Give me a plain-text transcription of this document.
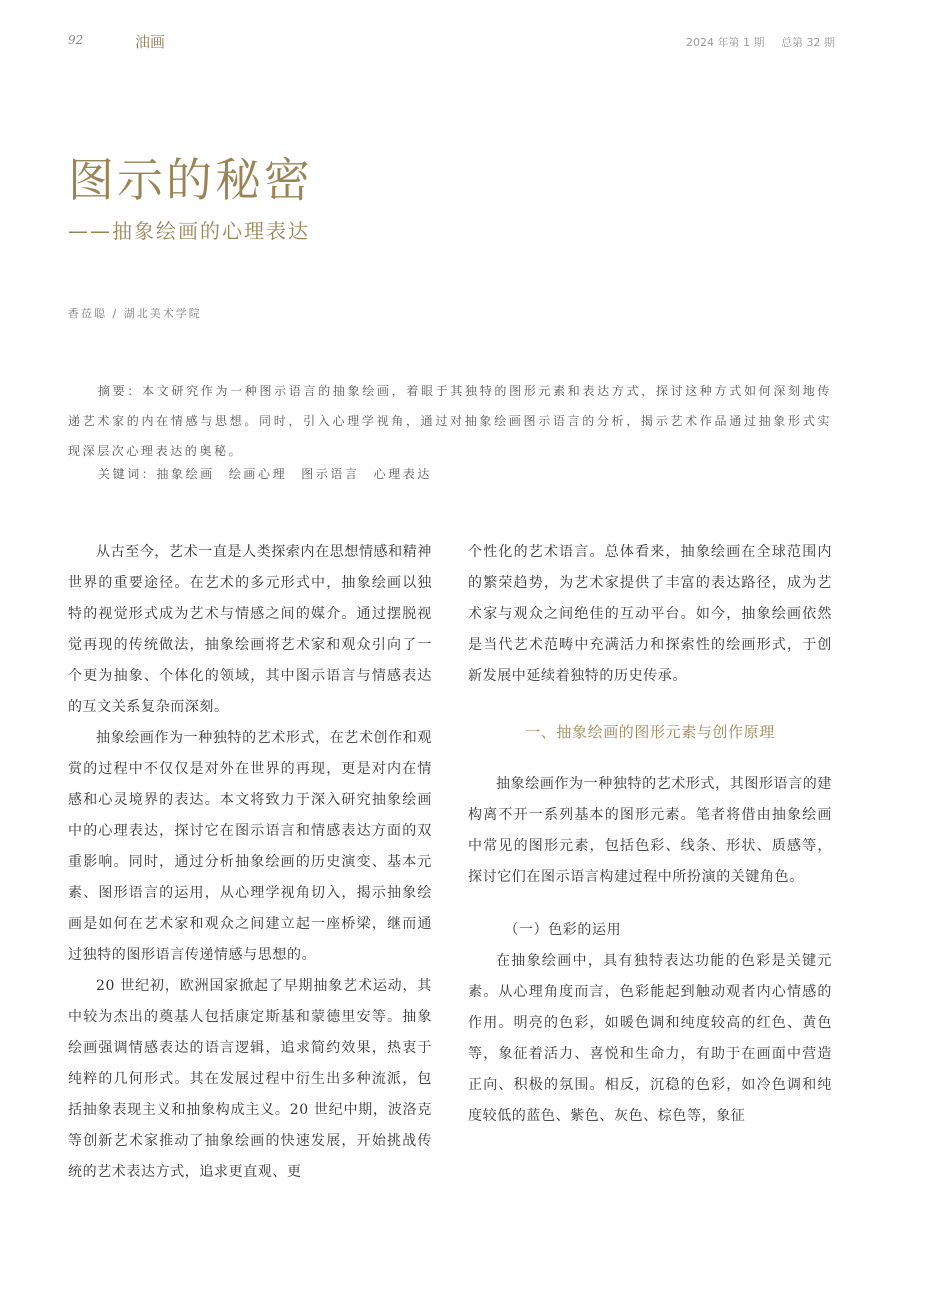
92	油画	2024 年第 1 期 总第 32 期
图示的秘密
——抽象绘画的心理表达
香莅聪 / 湖北美术学院
摘要：本文研究作为一种图示语言的抽象绘画，着眼于其独特的图形元素和表达方式，探讨这种方式如何深刻地传递艺术家的内在情感与思想。同时，引入心理学视角，通过对抽象绘画图示语言的分析，揭示艺术作品通过抽象形式实现深层次心理表达的奥秘。
关键词：抽象绘画 绘画心理 图示语言 心理表达

从古至今，艺术一直是人类探索内在思想情感和精神世界的重要途径。在艺术的多元形式中，抽象绘画以独特的视觉形式成为艺术与情感之间的媒介。通过摆脱视觉再现的传统做法，抽象绘画将艺术家和观众引向了一个更为抽象、个体化的领域，其中图示语言与情感表达的互文关系复杂而深刻。

抽象绘画作为一种独特的艺术形式，在艺术创作和观赏的过程中不仅仅是对外在世界的再现，更是对内在情感和心灵境界的表达。本文将致力于深入研究抽象绘画中的心理表达，探讨它在图示语言和情感表达方面的双重影响。同时，通过分析抽象绘画的历史演变、基本元素、图形语言的运用，从心理学视角切入，揭示抽象绘画是如何在艺术家和观众之间建立起一座桥梁，继而通过独特的图形语言传递情感与思想的。

20 世纪初，欧洲国家掀起了早期抽象艺术运动，其中较为杰出的奠基人包括康定斯基和蒙德里安等。抽象绘画强调情感表达的语言逻辑，追求简约效果，热衷于纯粹的几何形式。其在发展过程中衍生出多种流派，包括抽象表现主义和抽象构成主义。20 世纪中期，波洛克等创新艺术家推动了抽象绘画的快速发展，开始挑战传统的艺术表达方式，追求更直观、更

个性化的艺术语言。总体看来，抽象绘画在全球范围内的繁荣趋势，为艺术家提供了丰富的表达路径，成为艺术家与观众之间绝佳的互动平台。如今，抽象绘画依然是当代艺术范畴中充满活力和探索性的绘画形式，于创新发展中延续着独特的历史传承。

一、抽象绘画的图形元素与创作原理

抽象绘画作为一种独特的艺术形式，其图形语言的建构离不开一系列基本的图形元素。笔者将借由抽象绘画中常见的图形元素，包括色彩、线条、形状、质感等，探讨它们在图示语言构建过程中所扮演的关键角色。

（一）色彩的运用

在抽象绘画中，具有独特表达功能的色彩是关键元素。从心理角度而言，色彩能起到触动观者内心情感的作用。明亮的色彩，如暖色调和纯度较高的红色、黄色等，象征着活力、喜悦和生命力，有助于在画面中营造正向、积极的氛围。相反，沉稳的色彩，如冷色调和纯度较低的蓝色、紫色、灰色、棕色等，象征
